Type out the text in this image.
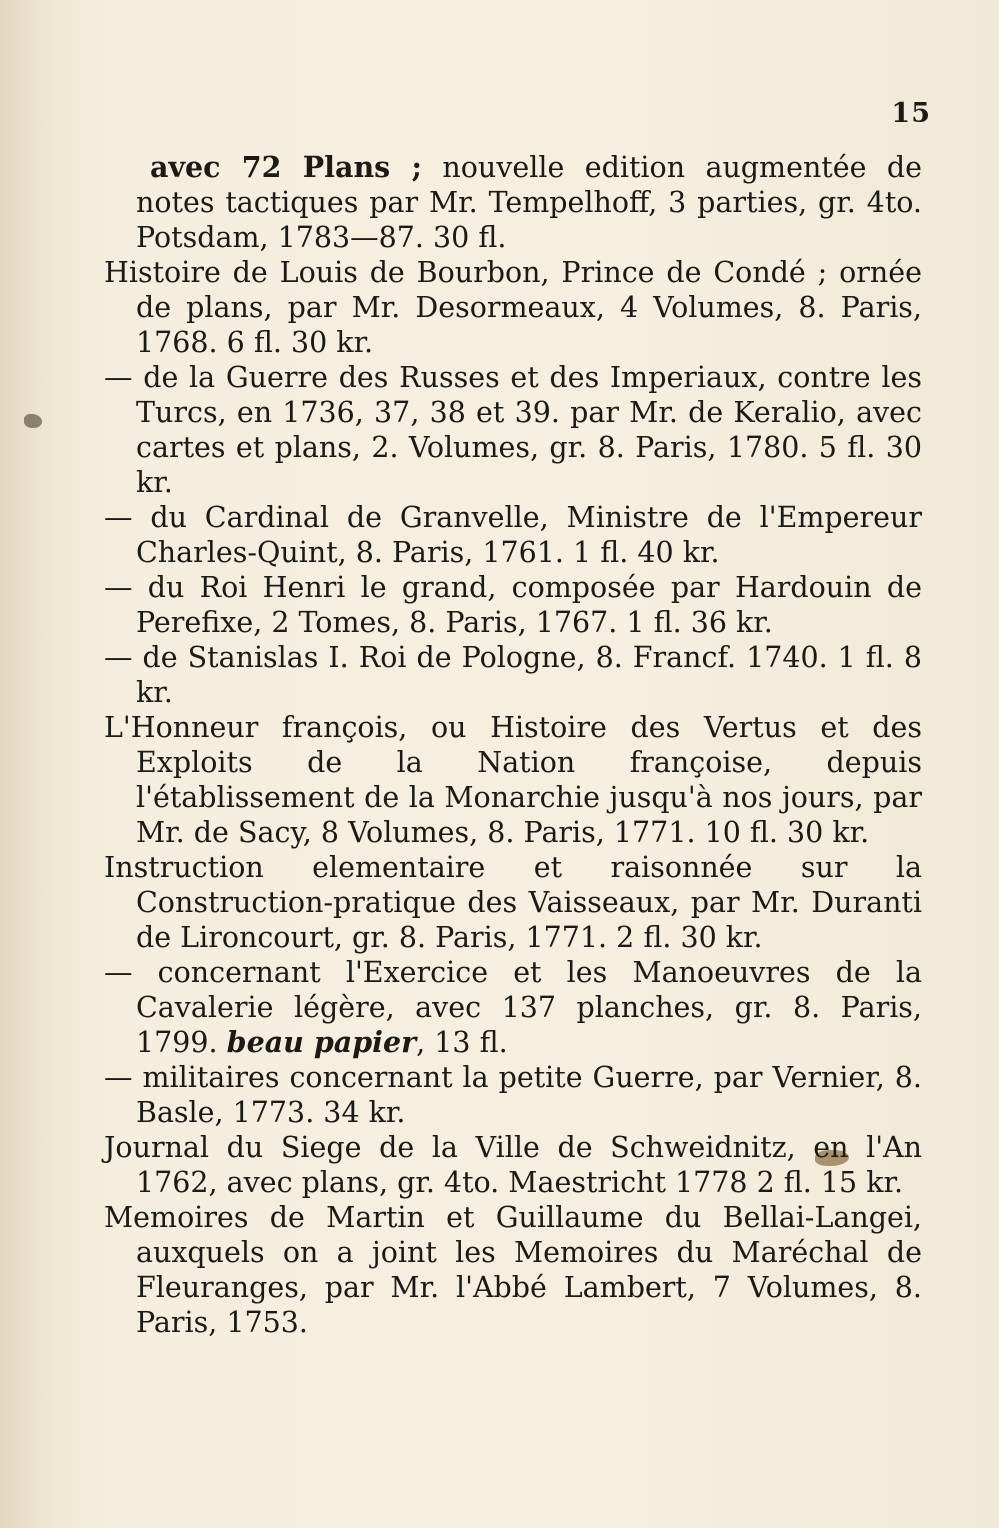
15

avec 72 Plans ; nouvelle edition augmentée de notes tactiques par Mr. Tempelhoff, 3 parties, gr. 4to. Potsdam, 1783—87. 30 fl.

Histoire de Louis de Bourbon, Prince de Condé ; ornée de plans, par Mr. Desormeaux, 4 Volumes, 8. Paris, 1768. 6 fl. 30 kr.

— de la Guerre des Russes et des Imperiaux, contre les Turcs, en 1736, 37, 38 et 39. par Mr. de Keralio, avec cartes et plans, 2. Volumes, gr. 8. Paris, 1780. 5 fl. 30 kr.

— du Cardinal de Granvelle, Ministre de l'Empereur Charles-Quint, 8. Paris, 1761. 1 fl. 40 kr.

— du Roi Henri le grand, composée par Hardouin de Perefixe, 2 Tomes, 8. Paris, 1767. 1 fl. 36 kr.

— de Stanislas I. Roi de Pologne, 8. Francf. 1740. 1 fl. 8 kr.

L'Honneur françois, ou Histoire des Vertus et des Exploits de la Nation françoise, depuis l'établissement de la Monarchie jusqu'à nos jours, par Mr. de Sacy, 8 Volumes, 8. Paris, 1771. 10 fl. 30 kr.

Instruction elementaire et raisonnée sur la Construction-pratique des Vaisseaux, par Mr. Duranti de Lironcourt, gr. 8. Paris, 1771. 2 fl. 30 kr.

— concernant l'Exercice et les Manoeuvres de la Cavalerie légère, avec 137 planches, gr. 8. Paris, 1799. beau papier, 13 fl.

— militaires concernant la petite Guerre, par Vernier, 8. Basle, 1773. 34 kr.

Journal du Siege de la Ville de Schweidnitz, en l'An 1762, avec plans, gr. 4to. Maestricht 1778 2 fl. 15 kr.

Memoires de Martin et Guillaume du Bellai-Langei, auxquels on a joint les Memoires du Maréchal de Fleuranges, par Mr. l'Abbé Lambert, 7 Volumes, 8. Paris, 1753.
